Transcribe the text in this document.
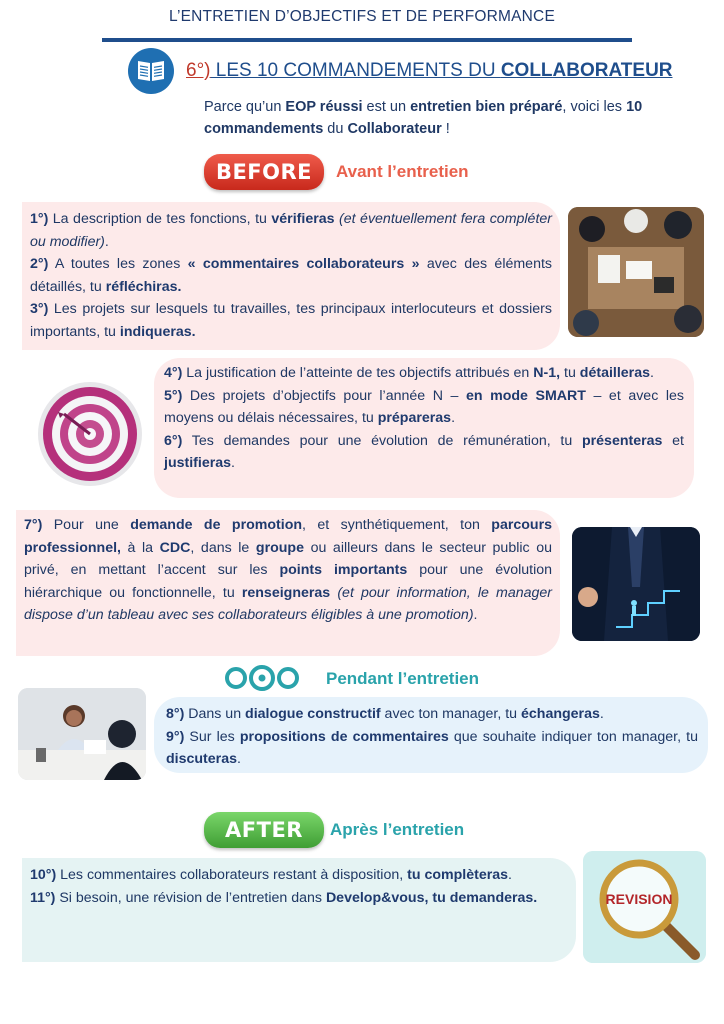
L’ENTRETIEN D’OBJECTIFS ET DE PERFORMANCE
6°) LES 10 COMMANDEMENTS DU COLLABORATEUR
Parce qu’un EOP réussi est un entretien bien préparé, voici les 10 commandements du Collaborateur !
BEFORE	Avant l’entretien
1°) La description de tes fonctions, tu vérifieras (et éventuellement fera compléter ou modifier).
2°) A toutes les zones « commentaires collaborateurs » avec des éléments détaillés, tu réfléchiras.
3°) Les projets sur lesquels tu travailles, tes principaux interlocuteurs et dossiers importants, tu indiqueras.
4°) La justification de l’atteinte de tes objectifs attribués en N-1, tu détailleras.
5°) Des projets d’objectifs pour l’année N – en mode SMART – et avec les moyens ou délais nécessaires, tu prépareras.
6°) Tes demandes pour une évolution de rémunération, tu présenteras et justifieras.
7°) Pour une demande de promotion, et synthétiquement, ton parcours professionnel, à la CDC, dans le groupe ou ailleurs dans le secteur public ou privé, en mettant l’accent sur les points importants pour une évolution hiérarchique ou fonctionnelle, tu renseigneras (et pour information, le manager dispose d’un tableau avec ses collaborateurs éligibles à une promotion).
Pendant l’entretien
8°) Dans un dialogue constructif avec ton manager, tu échangeras.
9°) Sur les propositions de commentaires que souhaite indiquer ton manager, tu discuteras.
AFTER	Après l’entretien
10°) Les commentaires collaborateurs restant à disposition, tu complèteras.
11°) Si besoin, une révision de l’entretien dans Develop&vous, tu demanderas.	REVISION
